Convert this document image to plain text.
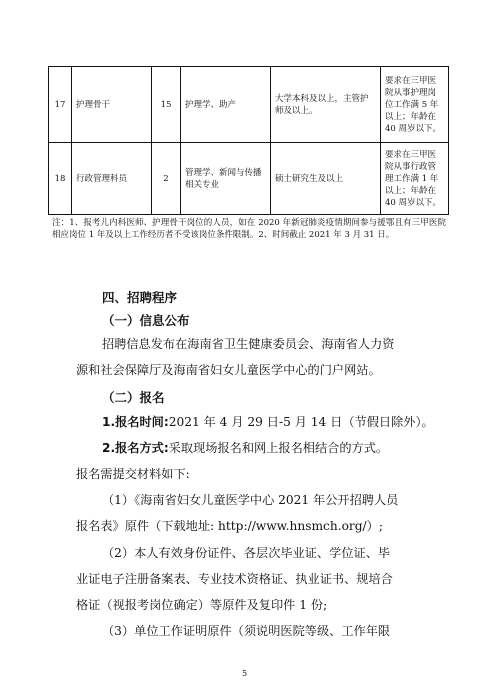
17	护理骨干	15	护理学、助产	大学本科及以上，主管护师及以上。	要求在三甲医院从事护理岗位工作满 5 年以上；年龄在 40 周岁以下。
18	行政管理科员	2	管理学、新闻与传播相关专业	硕士研究生及以上	要求在三甲医院从事行政管理工作满 1 年以上；年龄在 40 周岁以下。
注：1、报考儿内科医师、护理骨干岗位的人员，如在 2020 年新冠肺炎疫情期间参与援鄂且有三甲医院相应岗位 1 年及以上工作经历者不受该岗位条件限制。2、时间截止 2021 年 3 月 31 日。
四、招聘程序
（一）信息公布
招聘信息发布在海南省卫生健康委员会、海南省人力资
源和社会保障厅及海南省妇女儿童医学中心的门户网站。
（二）报名
1.报名时间:2021 年 4 月 29 日-5 月 14 日（节假日除外）。
2.报名方式:采取现场报名和网上报名相结合的方式。
报名需提交材料如下:
（1）《海南省妇女儿童医学中心 2021 年公开招聘人员
报名表》原件（下载地址: http://www.hnsmch.org/）;
（2）本人有效身份证件、各层次毕业证、学位证、毕
业证电子注册备案表、专业技术资格证、执业证书、规培合
格证（视报考岗位确定）等原件及复印件 1 份;
（3）单位工作证明原件（须说明医院等级、工作年限
5
